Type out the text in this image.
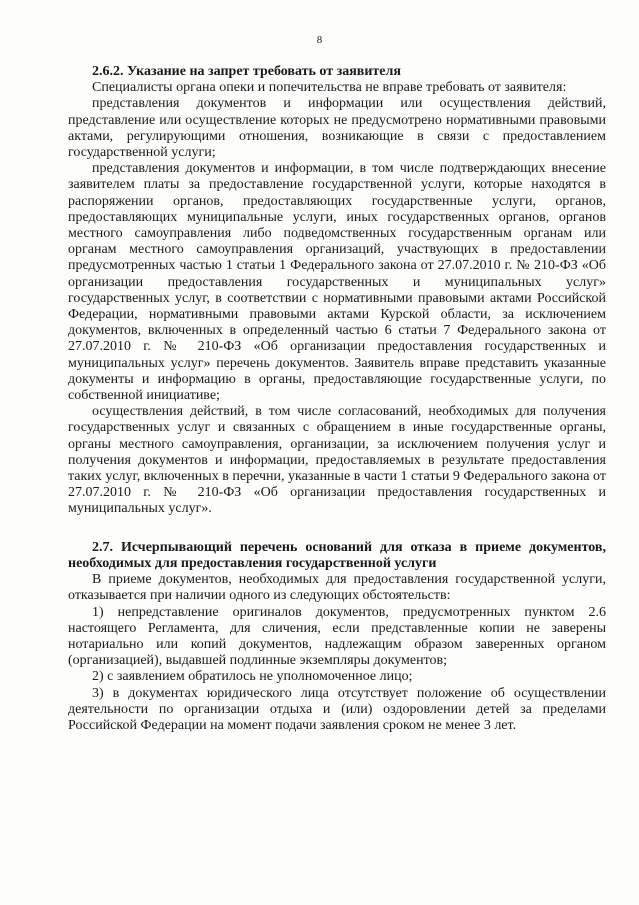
8

2.6.2. Указание на запрет требовать от заявителя

Специалисты органа опеки и попечительства не вправе требовать от заявителя:

представления документов и информации или осуществления действий, представление или осуществление которых не предусмотрено нормативными правовыми актами, регулирующими отношения, возникающие в связи с предоставлением государственной услуги;

представления документов и информации, в том числе подтверждающих внесение заявителем платы за предоставление государственной услуги, которые находятся в распоряжении органов, предоставляющих государственные услуги, органов, предоставляющих муниципальные услуги, иных государственных органов, органов местного самоуправления либо подведомственных государственным органам или органам местного самоуправления организаций, участвующих в предоставлении предусмотренных частью 1 статьи 1 Федерального закона от 27.07.2010 г. № 210-ФЗ «Об организации предоставления государственных и муниципальных услуг» государственных услуг, в соответствии с нормативными правовыми актами Российской Федерации, нормативными правовыми актами Курской области, за исключением документов, включенных в определенный частью 6 статьи 7 Федерального закона от 27.07.2010 г. № 210-ФЗ «Об организации предоставления государственных и муниципальных услуг» перечень документов. Заявитель вправе представить указанные документы и информацию в органы, предоставляющие государственные услуги, по собственной инициативе;

осуществления действий, в том числе согласований, необходимых для получения государственных услуг и связанных с обращением в иные государственные органы, органы местного самоуправления, организации, за исключением получения услуг и получения документов и информации, предоставляемых в результате предоставления таких услуг, включенных в перечни, указанные в части 1 статьи 9 Федерального закона от 27.07.2010 г. № 210-ФЗ «Об организации предоставления государственных и муниципальных услуг».

2.7. Исчерпывающий перечень оснований для отказа в приеме документов, необходимых для предоставления государственной услуги

В приеме документов, необходимых для предоставления государственной услуги, отказывается при наличии одного из следующих обстоятельств:

1) непредставление оригиналов документов, предусмотренных пунктом 2.6 настоящего Регламента, для сличения, если представленные копии не заверены нотариально или копий документов, надлежащим образом заверенных органом (организацией), выдавшей подлинные экземпляры документов;

2) с заявлением обратилось не уполномоченное лицо;

3) в документах юридического лица отсутствует положение об осуществлении деятельности по организации отдыха и (или) оздоровлении детей за пределами Российской Федерации на момент подачи заявления сроком не менее 3 лет.
